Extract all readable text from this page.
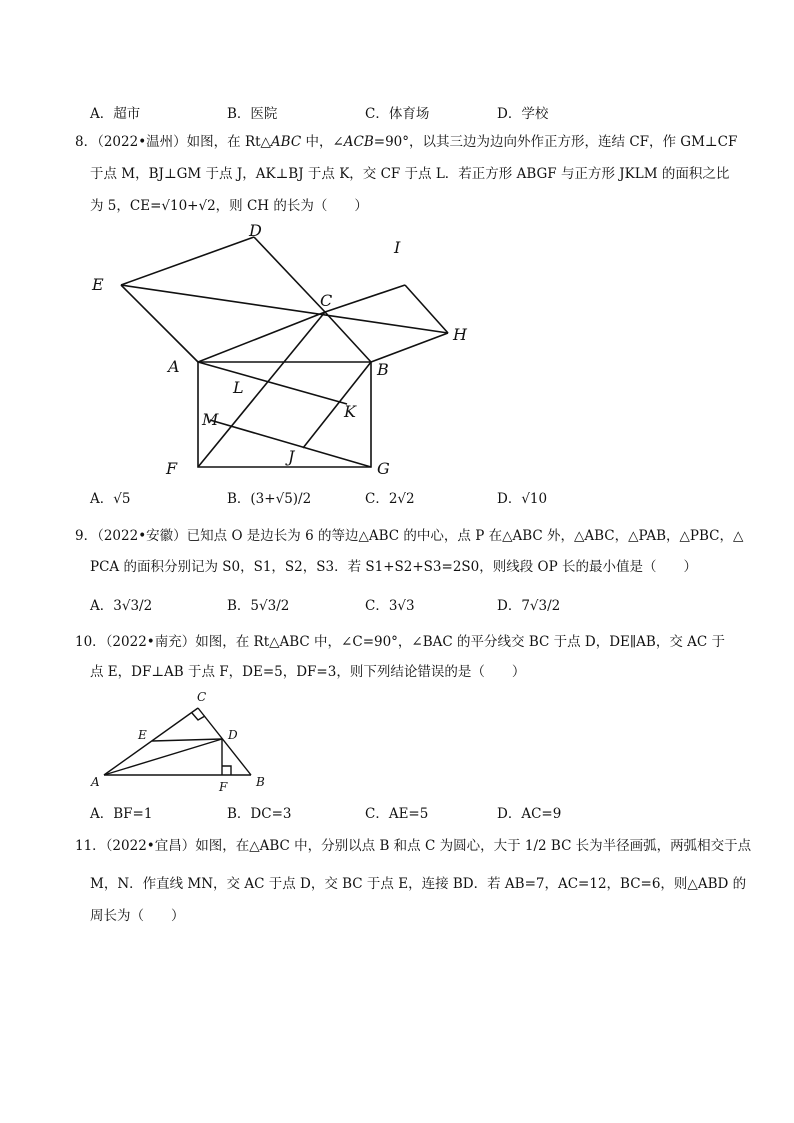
A．超市	B．医院	C．体育场	D．学校
8．（2022•温州）如图，在 Rt△ABC 中，∠ACB=90°，以其三边为边向外作正方形，连结 CF，作 GM⊥CF
于点 M，BJ⊥GM 于点 J，AK⊥BJ 于点 K，交 CF 于点 L．若正方形 ABGF 与正方形 JKLM 的面积之比
为 5，CE=√10+√2，则 CH 的长为（　　）
D
E
I
C
H
A	B
L
K
M
J
F	G
A．√5	B．(3+√5)/2	C．2√2	D．√10
9．（2022•安徽）已知点 O 是边长为 6 的等边△ABC 的中心，点 P 在△ABC 外，△ABC，△PAB，△PBC，△
PCA 的面积分别记为 S0，S1，S2，S3．若 S1+S2+S3=2S0，则线段 OP 长的最小值是（　　）
A．3√3/2	B．5√3/2	C．3√3	D．7√3/2
10．（2022•南充）如图，在 Rt△ABC 中，∠C=90°，∠BAC 的平分线交 BC 于点 D，DE∥AB，交 AC 于
点 E，DF⊥AB 于点 F，DE=5，DF=3，则下列结论错误的是（　　）
C
E	D
A	F B
A．BF=1	B．DC=3	C．AE=5	D．AC=9
11．（2022•宜昌）如图，在△ABC 中，分别以点 B 和点 C 为圆心，大于 1/2 BC 长为半径画弧，两弧相交于点
M，N．作直线 MN，交 AC 于点 D，交 BC 于点 E，连接 BD．若 AB=7，AC=12，BC=6，则△ABD 的
周长为（　　）
